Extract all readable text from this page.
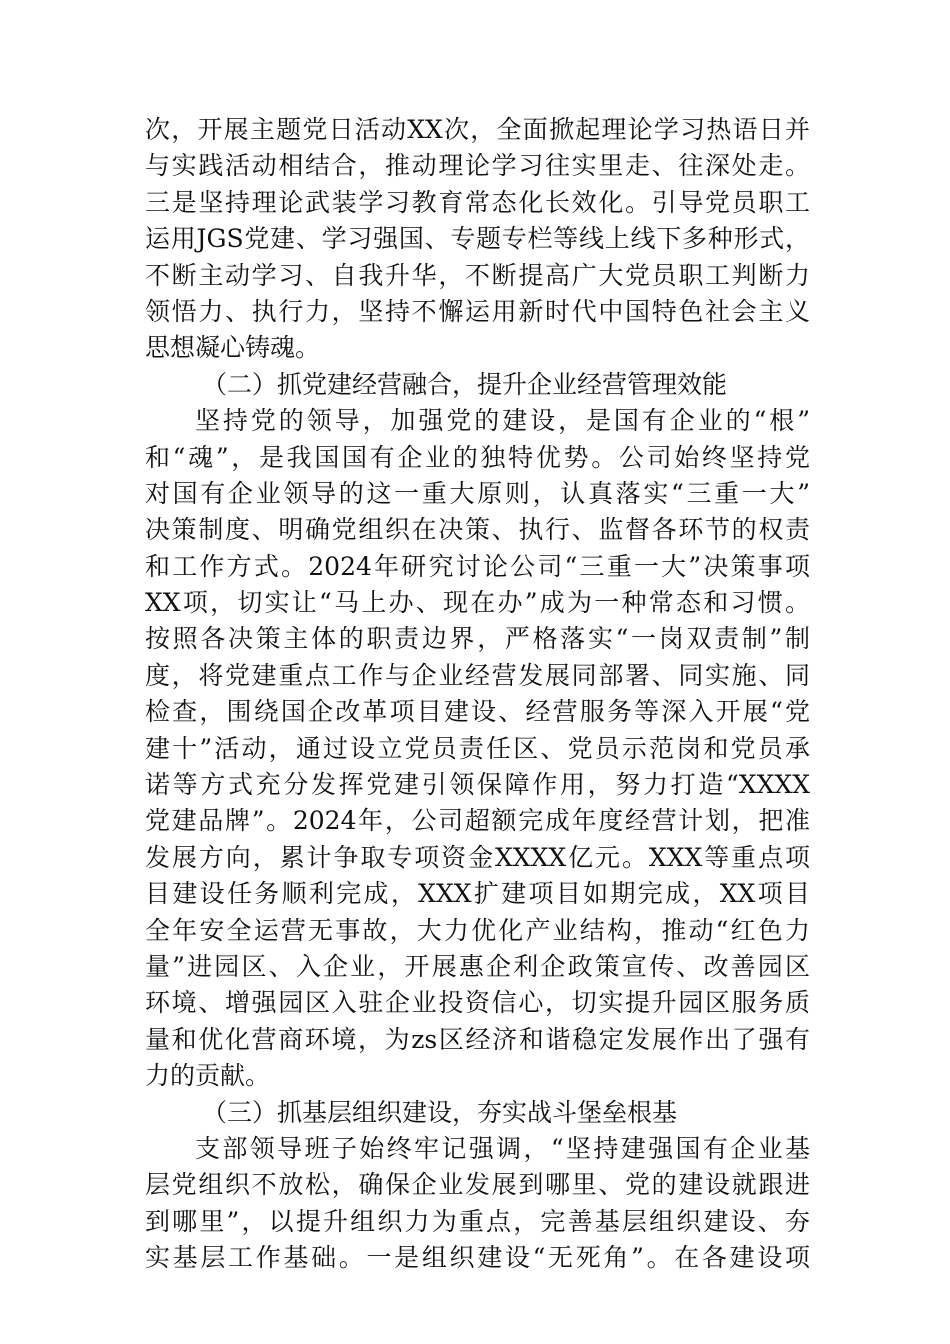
次，开展主题党日活动XX次，全面掀起理论学习热语日并
与实践活动相结合，推动理论学习往实里走、往深处走。
三是坚持理论武装学习教育常态化长效化。引导党员职工
运用JGS党建、学习强国、专题专栏等线上线下多种形式，
不断主动学习、自我升华，不断提高广大党员职工判断力
领悟力、执行力，坚持不懈运用新时代中国特色社会主义
思想凝心铸魂。
（二）抓党建经营融合，提升企业经营管理效能
坚持党的领导，加强党的建设，是国有企业的“根”
和“魂”，是我国国有企业的独特优势。公司始终坚持党
对国有企业领导的这一重大原则，认真落实“三重一大”
决策制度、明确党组织在决策、执行、监督各环节的权责
和工作方式。2024年研究讨论公司“三重一大”决策事项
XX项，切实让“马上办、现在办”成为一种常态和习惯。
按照各决策主体的职责边界，严格落实“一岗双责制”制
度，将党建重点工作与企业经营发展同部署、同实施、同
检查，围绕国企改革项目建设、经营服务等深入开展“党
建十”活动，通过设立党员责任区、党员示范岗和党员承
诺等方式充分发挥党建引领保障作用，努力打造“XXXX
党建品牌”。2024年，公司超额完成年度经营计划，把准
发展方向，累计争取专项资金XXXX亿元。XXX等重点项
目建设任务顺利完成，XXX扩建项目如期完成，XX项目
全年安全运营无事故，大力优化产业结构，推动“红色力
量”进园区、入企业，开展惠企利企政策宣传、改善园区
环境、增强园区入驻企业投资信心，切实提升园区服务质
量和优化营商环境，为zs区经济和谐稳定发展作出了强有
力的贡献。
（三）抓基层组织建设，夯实战斗堡垒根基
支部领导班子始终牢记强调，“坚持建强国有企业基
层党组织不放松，确保企业发展到哪里、党的建设就跟进
到哪里”，以提升组织力为重点，完善基层组织建设、夯
实基层工作基础。一是组织建设“无死角”。在各建设项
